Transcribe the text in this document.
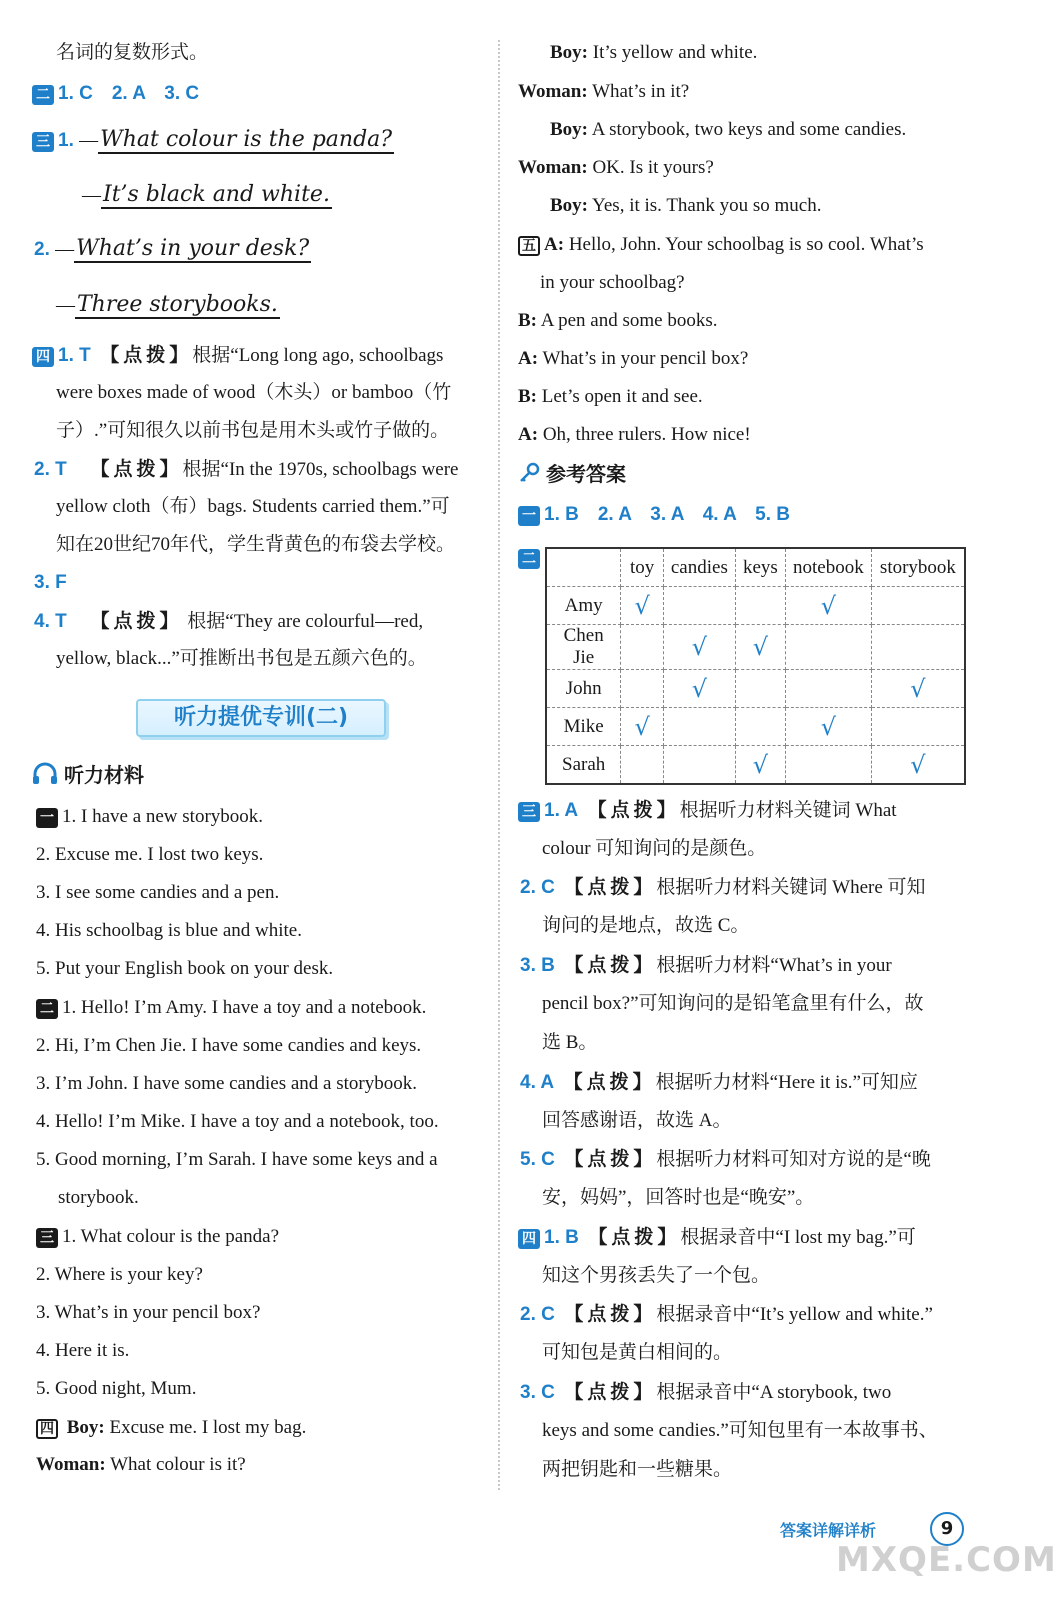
名词的复数形式。
二 1. C　2. A　3. C
三 1. —What colour is the panda?
—It’s black and white.
2. —What’s in your desk?
—Three storybooks.
四 1. T　 【点拨】根据“Long long ago, schoolbags
were boxes made of wood（木头）or bamboo（竹
子）.”可知很久以前书包是用木头或竹子做的。
2. T　 【点拨】根据“In the 1970s, schoolbags were
yellow cloth（布）bags. Students carried them.”可
知在20世纪70年代，学生背黄色的布袋去学校。
3. F
4. T　 【点拨】 根据“They are colourful—red,
yellow, black...”可推断出书包是五颜六色的。
听力提优专训(二)
听力材料
一 1. I have a new storybook.
2. Excuse me. I lost two keys.
3. I see some candies and a pen.
4. His schoolbag is blue and white.
5. Put your English book on your desk.
二 1. Hello! I’m Amy. I have a toy and a notebook.
2. Hi, I’m Chen Jie. I have some candies and keys.
3. I’m John. I have some candies and a storybook.
4. Hello! I’m Mike. I have a toy and a notebook, too.
5. Good morning, I’m Sarah. I have some keys and a
storybook.
三 1. What colour is the panda?
2. Where is your key?
3. What’s in your pencil box?
4. Here it is.
5. Good night, Mum.
四 Boy: Excuse me. I lost my bag.
Woman: What colour is it?
Boy: It’s yellow and white.
Woman: What’s in it?
Boy: A storybook, two keys and some candies.
Woman: OK. Is it yours?
Boy: Yes, it is. Thank you so much.
五 A: Hello, John. Your schoolbag is so cool. What’s
in your schoolbag?
B: A pen and some books.
A: What’s in your pencil box?
B: Let’s open it and see.
A: Oh, three rulers. How nice!
参考答案
一 1. B　2. A　3. A　4. A　5. B
二
		toy	candies	keys	notebook	storybook
Amy	√			√	
Chen Jie		√	√		
John		√			√
Mike	√			√	
Sarah			√		√
三 1. A　 【点拨】根据听力材料关键词 What
colour 可知询问的是颜色。
2. C　 【点拨】根据听力材料关键词 Where 可知
询问的是地点，故选 C。
3. B　 【点拨】根据听力材料“What’s in your
pencil box?”可知询问的是铅笔盒里有什么，故
选 B。
4. A　 【点拨】根据听力材料“Here it is.”可知应
回答感谢语，故选 A。
5. C　 【点拨】根据听力材料可知对方说的是“晚
安，妈妈”，回答时也是“晚安”。
四 1. B　 【点拨】根据录音中“I lost my bag.”可
知这个男孩丢失了一个包。
2. C　 【点拨】根据录音中“It’s yellow and white.”
可知包是黄白相间的。
3. C　 【点拨】根据录音中“A storybook, two
keys and some candies.”可知包里有一本故事书、
两把钥匙和一些糖果。
答案详解详析	9
MXQE.COM
